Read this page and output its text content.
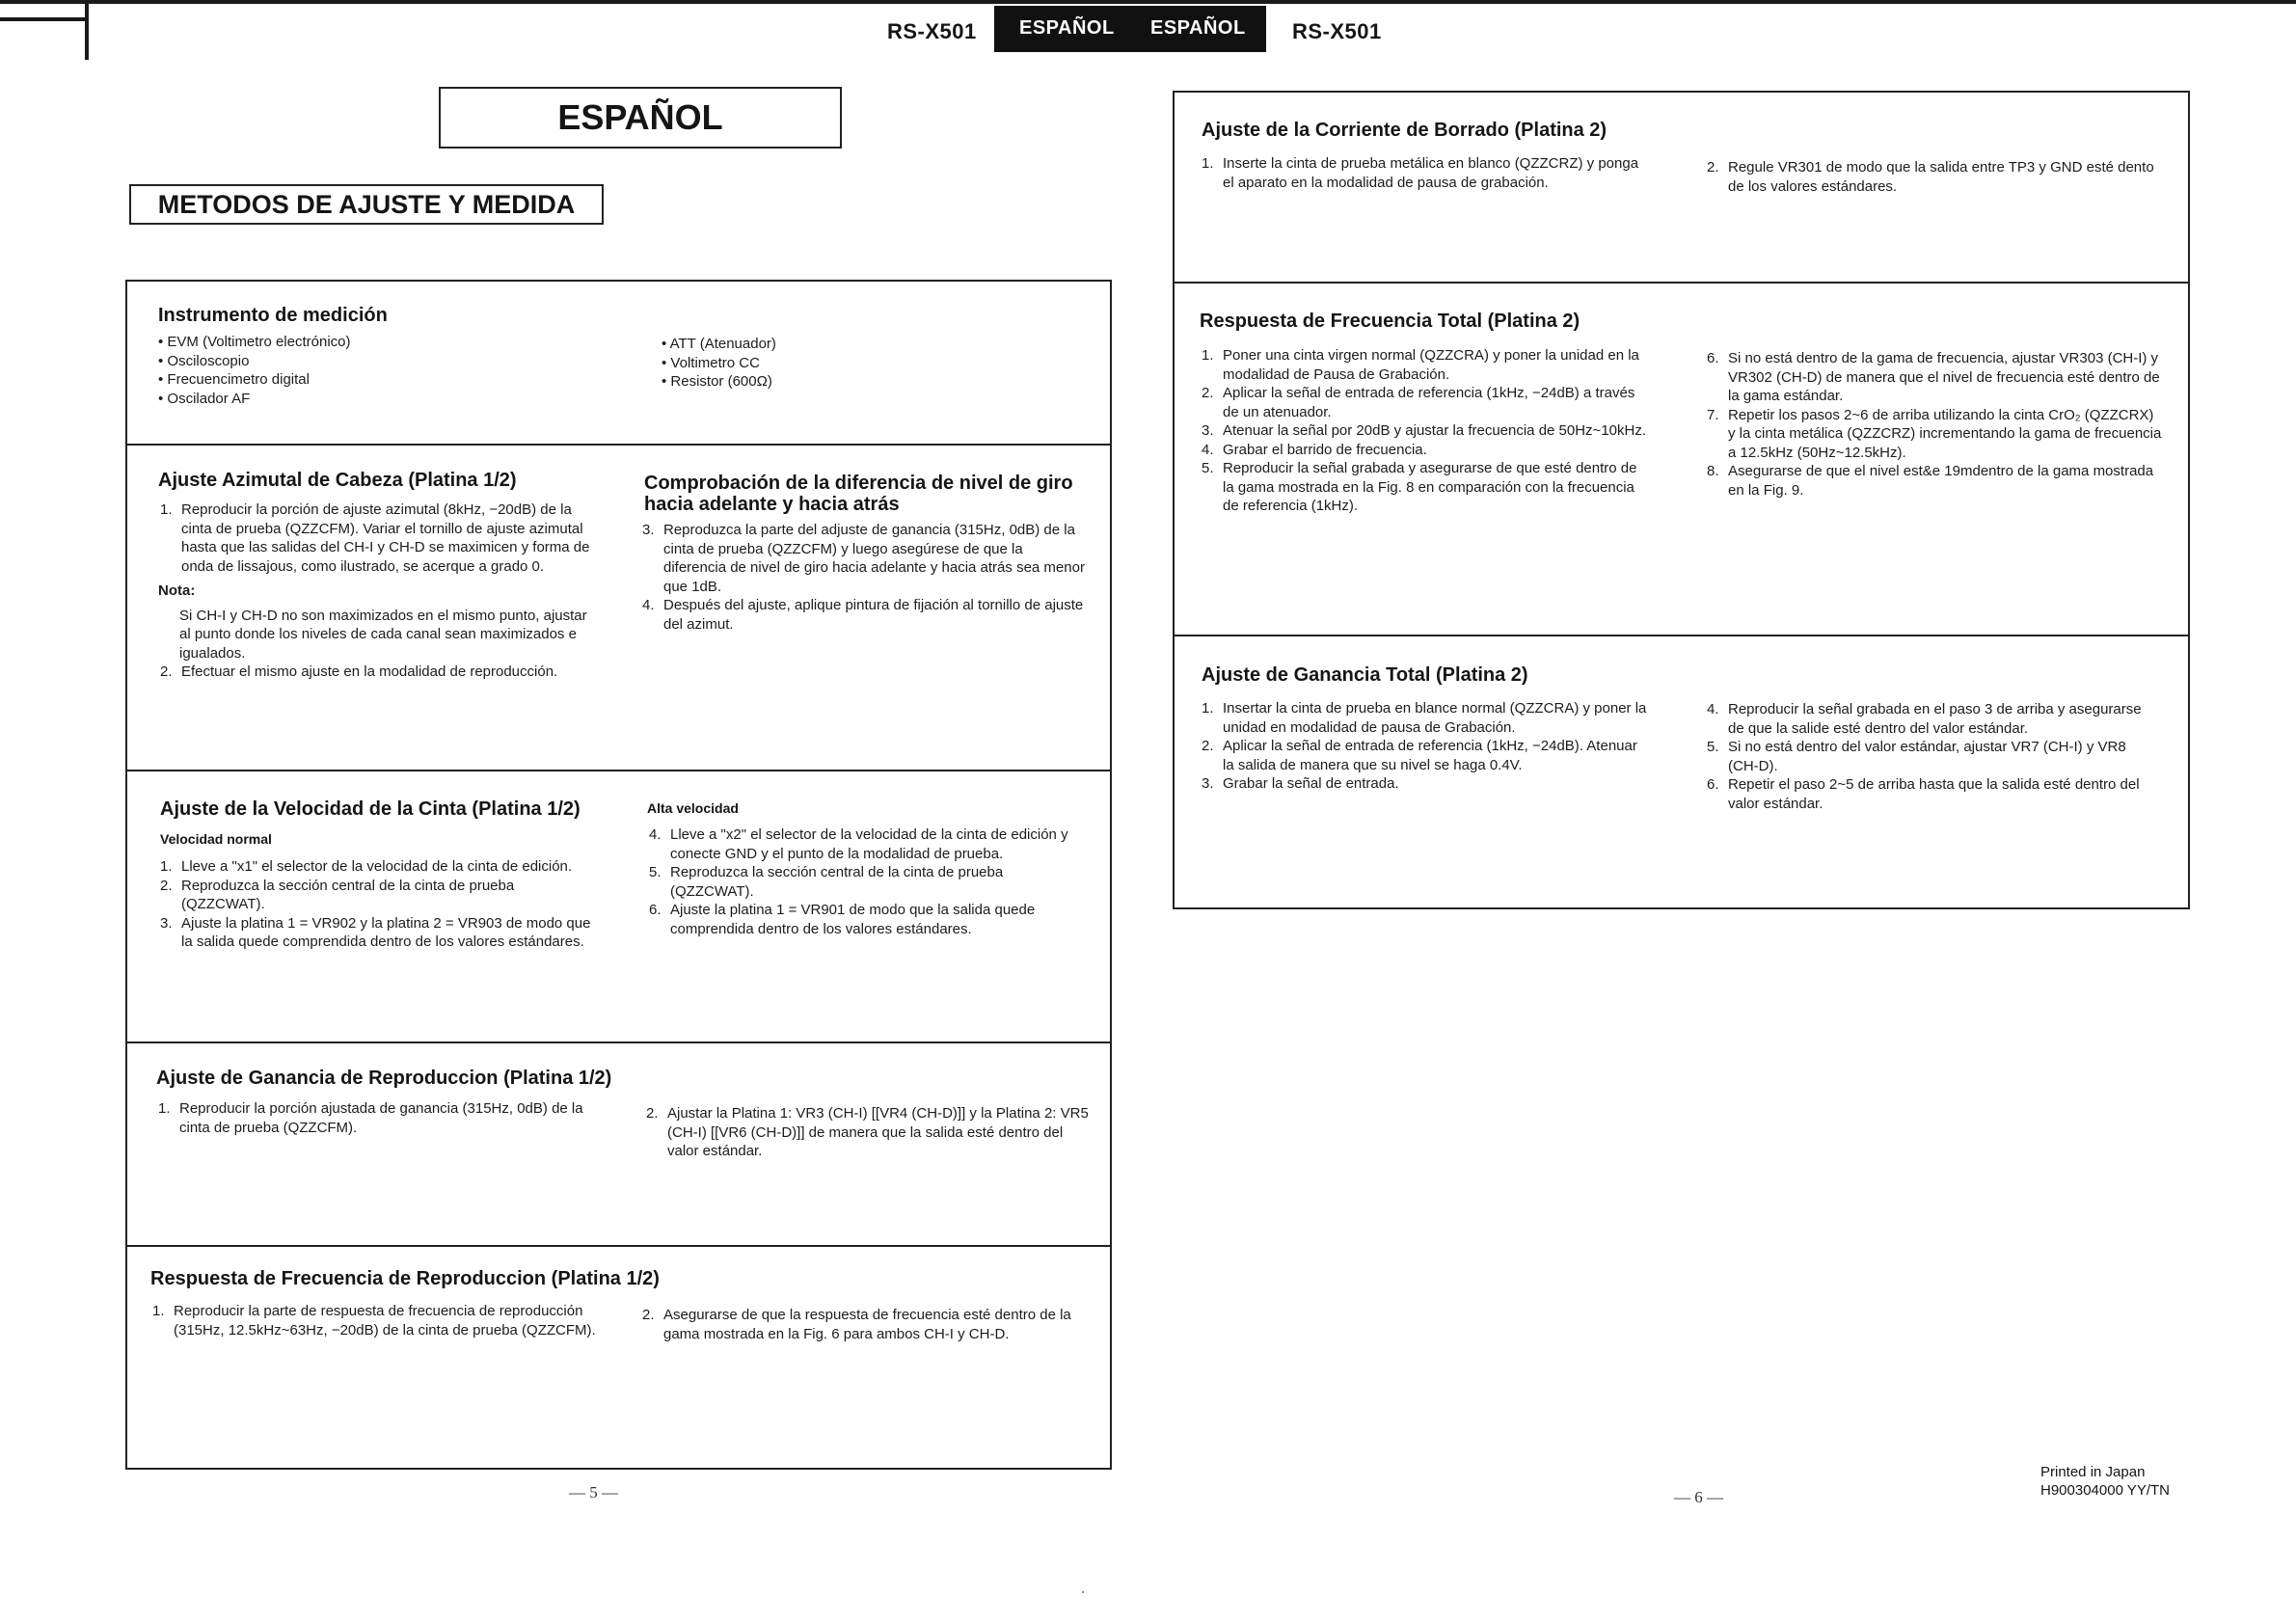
RS-X501 ESPAÑOL ESPAÑOL RS-X501
ESPAÑOL
METODOS DE AJUSTE Y MEDIDA
Instrumento de medición
• EVM (Voltimetro electrónico)
• Osciloscopio
• Frecuencimetro digital
• Oscilador AF
• ATT (Atenuador)
• Voltimetro CC
• Resistor (600Ω)
Ajuste Azimutal de Cabeza (Platina 1/2)
1. Reproducir la porción de ajuste azimutal (8kHz, −20dB) de la cinta de prueba (QZZCFM). Variar el tornillo de ajuste azimutal hasta que las salidas del CH-I y CH-D se maximicen y forma de onda de lissajous, como ilustrado, se acerque a grado 0.
Nota:
Si CH-I y CH-D no son maximizados en el mismo punto, ajustar al punto donde los niveles de cada canal sean maximizados e igualados.
2. Efectuar el mismo ajuste en la modalidad de reproducción.
Comprobación de la diferencia de nivel de giro
hacia adelante y hacia atrás
3. Reproduzca la parte del adjuste de ganancia (315Hz, 0dB) de la cinta de prueba (QZZCFM) y luego asegúrese de que la diferencia de nivel de giro hacia adelante y hacia atrás sea menor que 1dB.
4. Después del ajuste, aplique pintura de fijación al tornillo de ajuste del azimut.
Ajuste de la Velocidad de la Cinta (Platina 1/2)
Velocidad normal
1. Lleve a "x1" el selector de la velocidad de la cinta de edición.
2. Reproduzca la sección central de la cinta de prueba (QZZCWAT).
3. Ajuste la platina 1 = VR902 y la platina 2 = VR903 de modo que la salida quede comprendida dentro de los valores estándares.
Alta velocidad
4. Lleve a "x2" el selector de la velocidad de la cinta de edición y conecte GND y el punto de la modalidad de prueba.
5. Reproduzca la sección central de la cinta de prueba (QZZCWAT).
6. Ajuste la platina 1 = VR901 de modo que la salida quede comprendida dentro de los valores estándares.
Ajuste de Ganancia de Reproduccion (Platina 1/2)
1. Reproducir la porción ajustada de ganancia (315Hz, 0dB) de la cinta de prueba (QZZCFM).
2. Ajustar la Platina 1: VR3 (CH-I) [[VR4 (CH-D)]] y la Platina 2: VR5 (CH-I) [[VR6 (CH-D)]] de manera que la salida esté dentro del valor estándar.
Respuesta de Frecuencia de Reproduccion (Platina 1/2)
1. Reproducir la parte de respuesta de frecuencia de reproducción (315Hz, 12.5kHz~63Hz, −20dB) de la cinta de prueba (QZZCFM).
2. Asegurarse de que la respuesta de frecuencia esté dentro de la gama mostrada en la Fig. 6 para ambos CH-I y CH-D.
— 5 —
Ajuste de la Corriente de Borrado (Platina 2)
1. Inserte la cinta de prueba metálica en blanco (QZZCRZ) y ponga el aparato en la modalidad de pausa de grabación.
2. Regule VR301 de modo que la salida entre TP3 y GND esté dento de los valores estándares.
Respuesta de Frecuencia Total (Platina 2)
1. Poner una cinta virgen normal (QZZCRA) y poner la unidad en la modalidad de Pausa de Grabación.
2. Aplicar la señal de entrada de referencia (1kHz, −24dB) a través de un atenuador.
3. Atenuar la señal por 20dB y ajustar la frecuencia de 50Hz~10kHz.
4. Grabar el barrido de frecuencia.
5. Reproducir la señal grabada y asegurarse de que esté dentro de la gama mostrada en la Fig. 8 en comparación con la frecuencia de referencia (1kHz).
6. Si no está dentro de la gama de frecuencia, ajustar VR303 (CH-I) y VR302 (CH-D) de manera que el nivel de frecuencia esté dentro de la gama estándar.
7. Repetir los pasos 2~6 de arriba utilizando la cinta CrO₂ (QZZCRX) y la cinta metálica (QZZCRZ) incrementando la gama de frecuencia a 12.5kHz (50Hz~12.5kHz).
8. Asegurarse de que el nivel est&e 19mdentro de la gama mostrada en la Fig. 9.
Ajuste de Ganancia Total (Platina 2)
1. Insertar la cinta de prueba en blance normal (QZZCRA) y poner la unidad en modalidad de pausa de Grabación.
2. Aplicar la señal de entrada de referencia (1kHz, −24dB). Atenuar la salida de manera que su nivel se haga 0.4V.
3. Grabar la señal de entrada.
4. Reproducir la señal grabada en el paso 3 de arriba y asegurarse de que la salide esté dentro del valor estándar.
5. Si no está dentro del valor estándar, ajustar VR7 (CH-I) y VR8 (CH-D).
6. Repetir el paso 2~5 de arriba hasta que la salida esté dentro del valor estándar.
— 6 —
Printed in Japan
H900304000 YY/TN
